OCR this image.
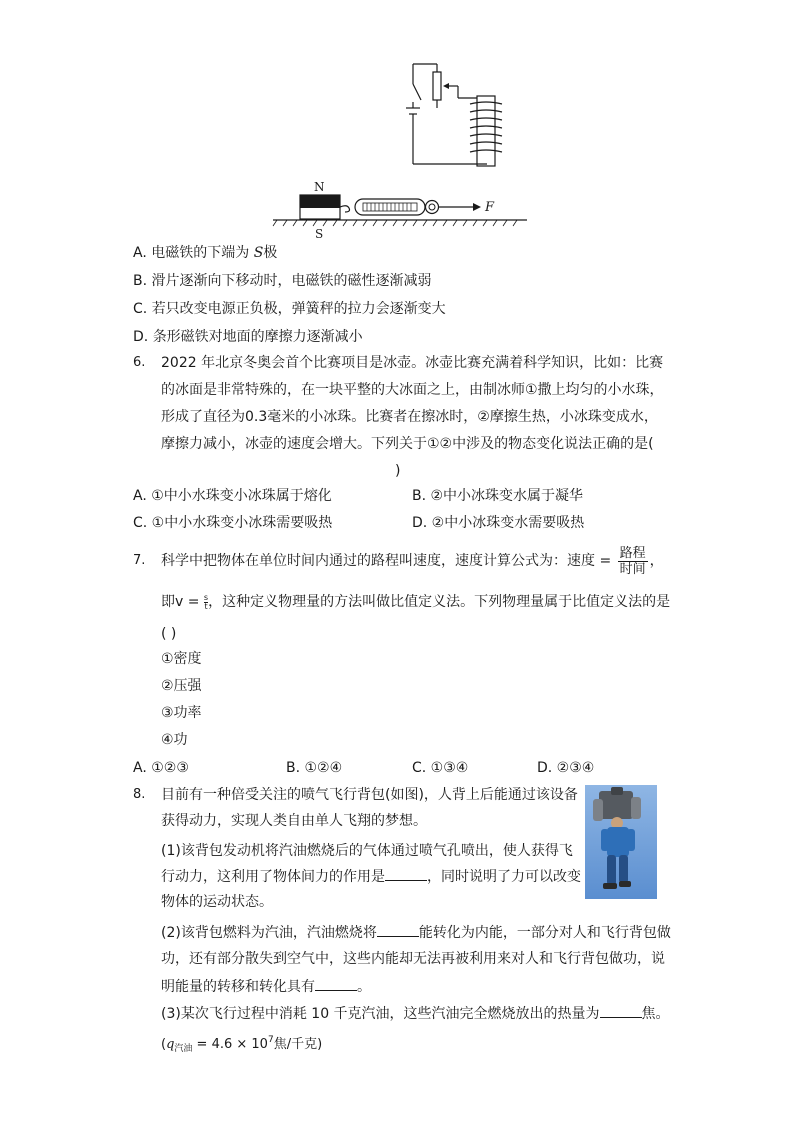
N
S
F
A. 电磁铁的下端为 S极
B. 滑片逐渐向下移动时，电磁铁的磁性逐渐减弱
C. 若只改变电源正负极，弹簧秤的拉力会逐渐变大
D. 条形磁铁对地面的摩擦力逐渐减小
6. 2022 年北京冬奥会首个比赛项目是冰壶。冰壶比赛充满着科学知识，比如：比赛
的冰面是非常特殊的，在一块平整的大冰面之上，由制冰师①撒上均匀的小水珠，
形成了直径为0.3毫米的小冰珠。比赛者在擦冰时，②摩擦生热，小冰珠变成水，
摩擦力减小，冰壶的速度会增大。下列关于①②中涉及的物态变化说法正确的是(
)
A. ①中小水珠变小冰珠属于熔化	B. ②中小冰珠变水属于凝华
C. ①中小水珠变小冰珠需要吸热	D. ②中小冰珠变水需要吸热
7. 科学中把物体在单位时间内通过的路程叫速度，速度计算公式为：速度 = $\frac{\text{路程}}{\text{时间}}$ ，
即$v = \frac{s}{t}$ ，这种定义物理量的方法叫做比值定义法。下列物理量属于比值定义法的是
( )
①密度
②压强
③功率
④功
A. ①②③	B. ①②④	C. ①③④	D. ②③④
8. 目前有一种倍受关注的喷气飞行背包(如图)，人背上后能通过该设备
获得动力，实现人类自由单人飞翔的梦想。
(1)该背包发动机将汽油燃烧后的气体通过喷气孔喷出，使人获得飞
行动力，这利用了物体间力的作用是	，同时说明了力可以改变
物体的运动状态。
(2)该背包燃料为汽油，汽油燃烧将	能转化为内能，一部分对人和飞行背包做
功，还有部分散失到空气中，这些内能却无法再被利用来对人和飞行背包做功，说
明能量的转移和转化具有	。
(3)某次飞行过程中消耗 10 千克汽油，这些汽油完全燃烧放出的热量为	焦。
($q_{汽油} = 4.6 \times 10^7$焦/千克)
